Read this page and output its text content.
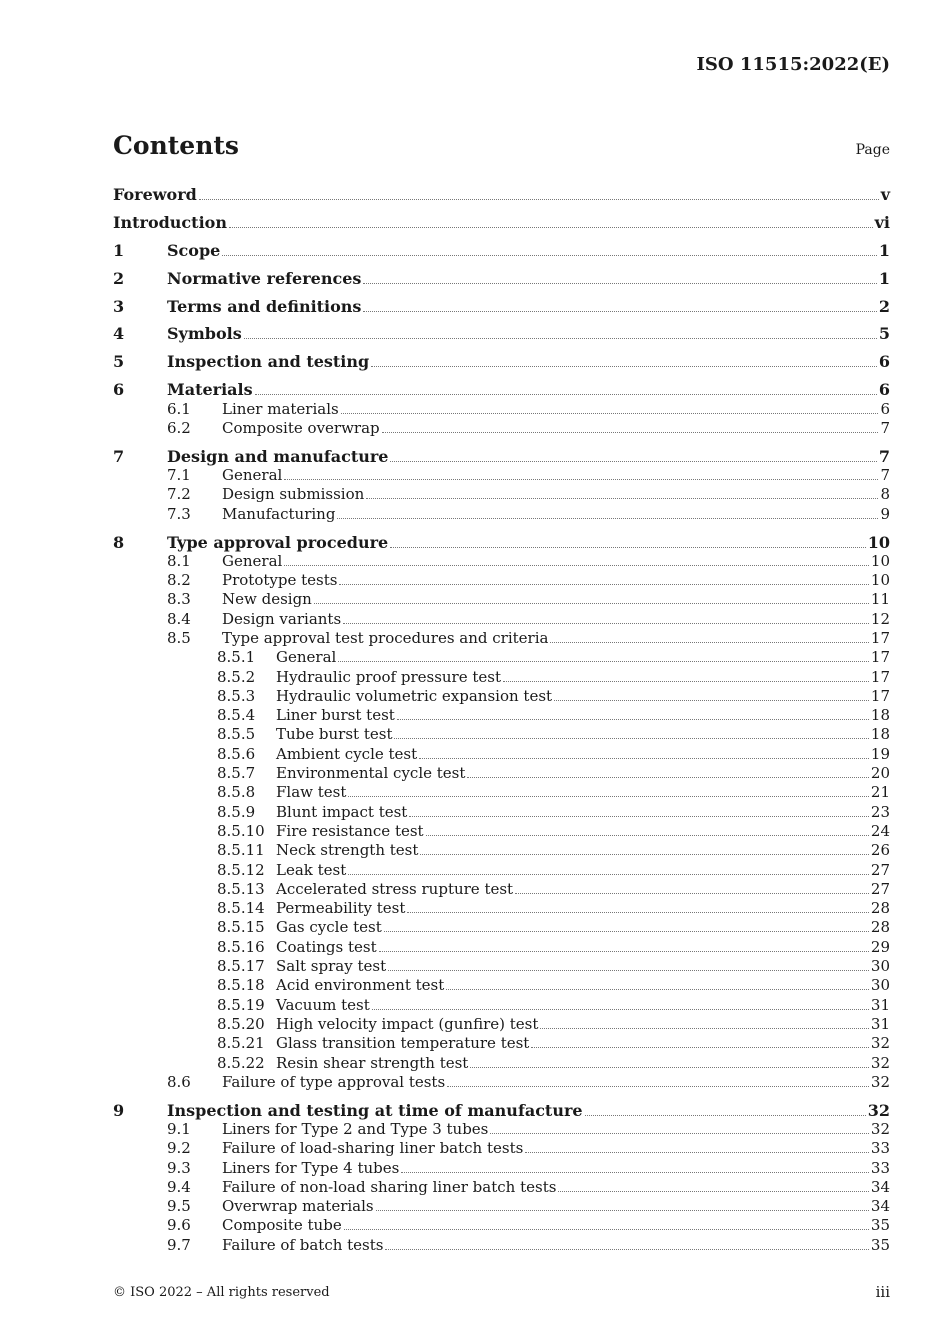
ISO 11515:2022(E)
Contents	Page
Foreword	v
Introduction	vi
1	Scope	1
2	Normative references	1
3	Terms and definitions	2
4	Symbols	5
5	Inspection and testing	6
6	Materials	6
6.1 Liner materials	6
6.2 Composite overwrap	7
7	Design and manufacture	7
7.1 General	7
7.2 Design submission	8
7.3 Manufacturing	9
8	Type approval procedure	10
8.1 General	10
8.2 Prototype tests	10
8.3 New design	11
8.4 Design variants	12
8.5 Type approval test procedures and criteria	17
8.5.1 General	17
8.5.2 Hydraulic proof pressure test	17
8.5.3 Hydraulic volumetric expansion test	17
8.5.4 Liner burst test	18
8.5.5 Tube burst test	18
8.5.6 Ambient cycle test	19
8.5.7 Environmental cycle test	20
8.5.8 Flaw test	21
8.5.9 Blunt impact test	23
8.5.10 Fire resistance test	24
8.5.11 Neck strength test	26
8.5.12 Leak test	27
8.5.13 Accelerated stress rupture test	27
8.5.14 Permeability test	28
8.5.15 Gas cycle test	28
8.5.16 Coatings test	29
8.5.17 Salt spray test	30
8.5.18 Acid environment test	30
8.5.19 Vacuum test	31
8.5.20 High velocity impact (gunfire) test	31
8.5.21 Glass transition temperature test	32
8.5.22 Resin shear strength test	32
8.6 Failure of type approval tests	32
9	Inspection and testing at time of manufacture	32
9.1 Liners for Type 2 and Type 3 tubes	32
9.2 Failure of load-sharing liner batch tests	33
9.3 Liners for Type 4 tubes	33
9.4 Failure of non-load sharing liner batch tests	34
9.5 Overwrap materials	34
9.6 Composite tube	35
9.7 Failure of batch tests	35
© ISO 2022 – All rights reserved	iii
